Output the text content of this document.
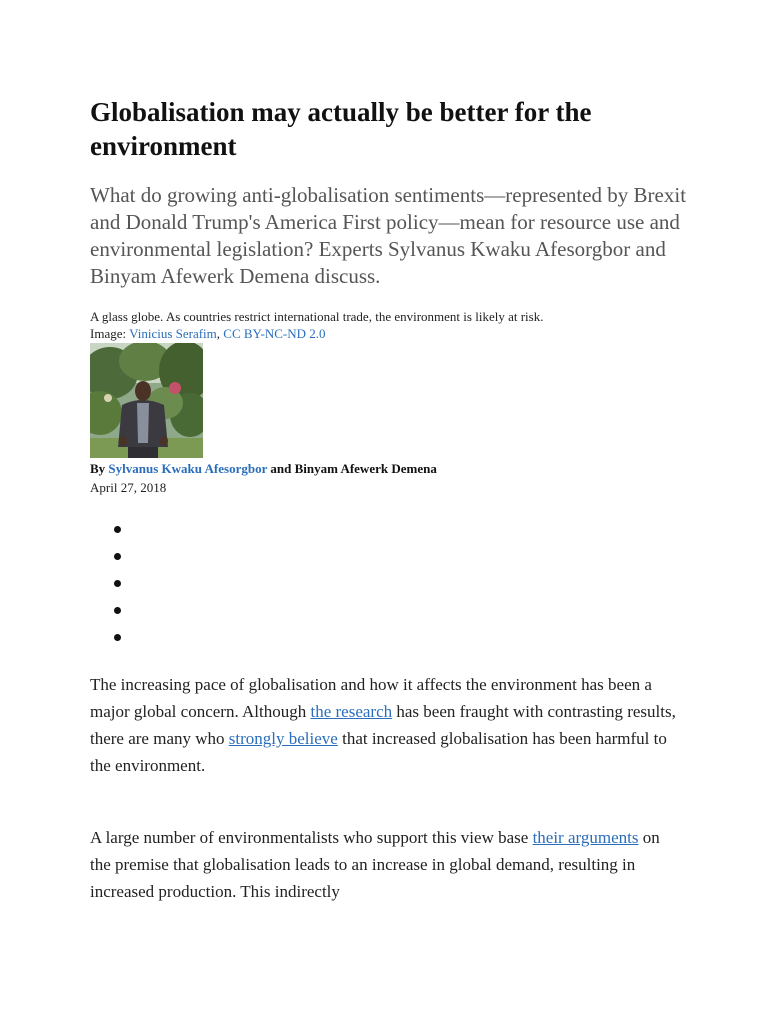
Globalisation may actually be better for the environment

What do growing anti-globalisation sentiments—represented by Brexit and Donald Trump's America First policy—mean for resource use and environmental legislation? Experts Sylvanus Kwaku Afesorgbor and Binyam Afewerk Demena discuss.

A glass globe. As countries restrict international trade, the environment is likely at risk.
Image: Vinicius Serafim, CC BY-NC-ND 2.0

By Sylvanus Kwaku Afesorgbor and Binyam Afewerk Demena

April 27, 2018

The increasing pace of globalisation and how it affects the environment has been a major global concern. Although the research has been fraught with contrasting results, there are many who strongly believe that increased globalisation has been harmful to the environment.

A large number of environmentalists who support this view base their arguments on the premise that globalisation leads to an increase in global demand, resulting in increased production. This indirectly
